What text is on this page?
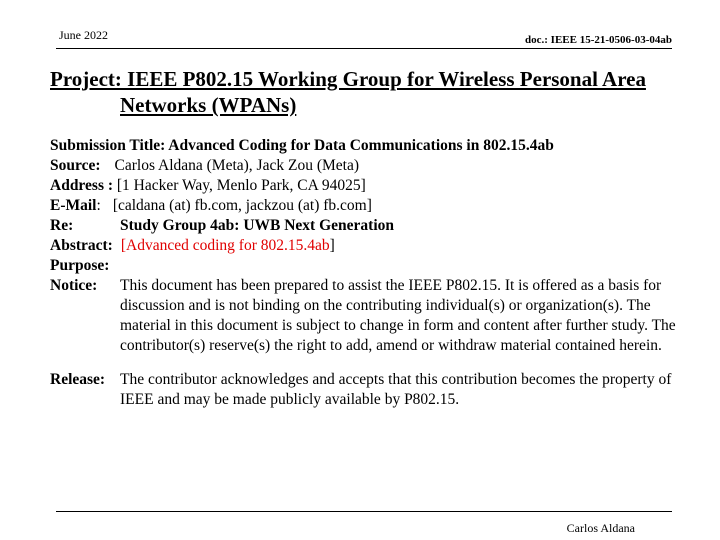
June 2022	doc.: IEEE 15-21-0506-03-04ab
Project: IEEE P802.15 Working Group for Wireless Personal Area
Networks (WPANs)
Submission Title: Advanced Coding for Data Communications in 802.15.4ab
Source: Carlos Aldana (Meta), Jack Zou (Meta)
Address : [1 Hacker Way, Menlo Park, CA 94025]
E-Mail: [caldana (at) fb.com, jackzou (at) fb.com]
Re:	Study Group 4ab: UWB Next Generation
Abstract: [Advanced coding for 802.15.4ab]
Purpose:
Notice: This document has been prepared to assist the IEEE P802.15. It is offered as a basis for discussion and is not binding on the contributing individual(s) or organization(s). The material in this document is subject to change in form and content after further study. The contributor(s) reserve(s) the right to add, amend or withdraw material contained herein.
Release: The contributor acknowledges and accepts that this contribution becomes the property of IEEE and may be made publicly available by P802.15.
Carlos Aldana
